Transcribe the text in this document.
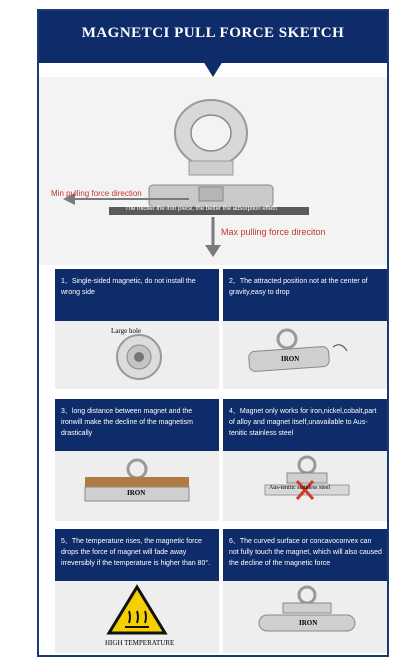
MAGNETCI PULL FORCE SKETCH
Min pulling force direction
Max pulling force direciton
The thicker the iron piece, the better the adsorption effect
1、Single-sided magnetic, do not install the wrong side
Large hole
2、The attracted position not at the center of gravity,easy to drop
IRON
3、long distance between magnet and the ironwill make the decline of the magnetism drastically
IRON
4、Magnet only works for iron,nickel,cobalt,part of alloy and magnet itself,unavailable to Aus-tenitic stainless steel
Aus-tenitic stainless steel
5、The temperature rises, the magnetic force drops the force of magnet will fade away irreversibly if the temperature is higher than 80°.
HIGH TEMPERATURE
6、The curved surface or concavoconvex can not fully touch the magnet, which will also caused the decline of the magnetic force
IRON
